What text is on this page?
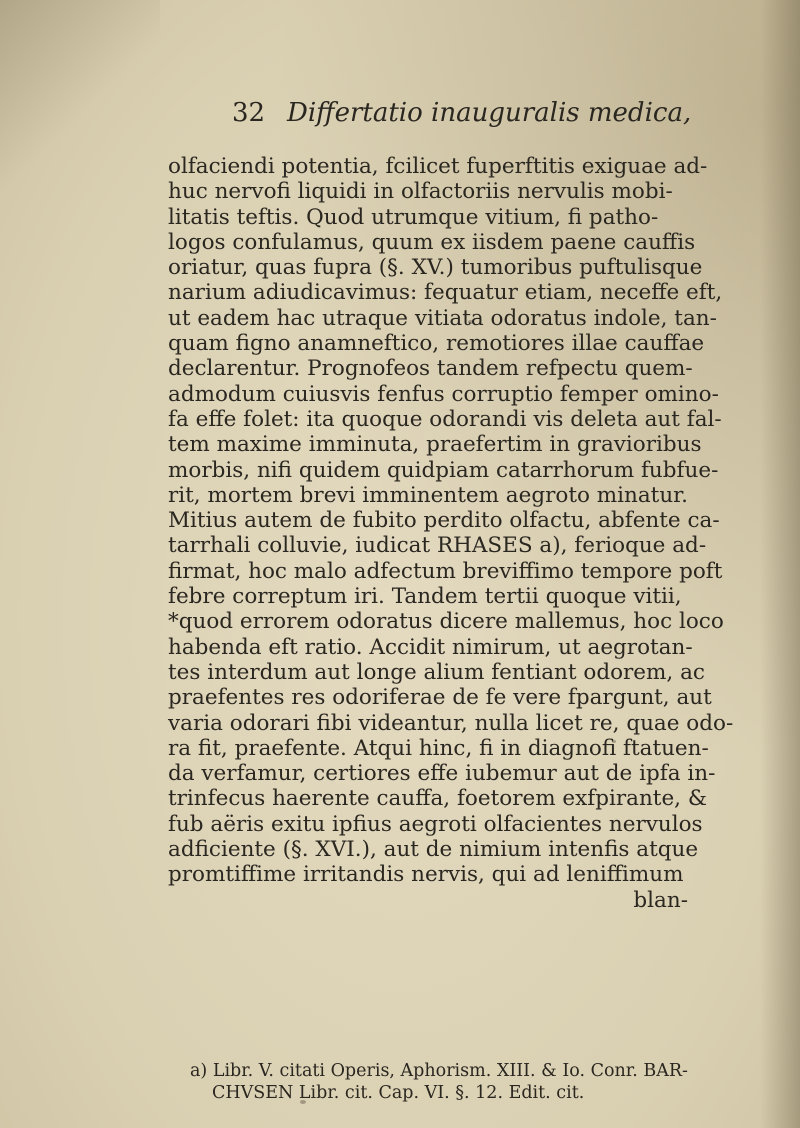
32 Differtatio inauguralis medica,
olfaciendi potentia, fcilicet fuperftitis exiguae ad-
huc nervofi liquidi in olfactoriis nervulis mobi-
litatis teftis. Quod utrumque vitium, fi patho-
logos confulamus, quum ex iisdem paene cauffis
oriatur, quas fupra (§. XV.) tumoribus puftulisque
narium adiudicavimus: fequatur etiam, neceffe eft,
ut eadem hac utraque vitiata odoratus indole, tan-
quam figno anamneftico, remotiores illae cauffae
declarentur. Prognofeos tandem refpectu quem-
admodum cuiusvis fenfus corruptio femper omino-
fa effe folet: ita quoque odorandi vis deleta aut fal-
tem maxime imminuta, praefertim in gravioribus
morbis, nifi quidem quidpiam catarrhorum fubfue-
rit, mortem brevi imminentem aegroto minatur.
Mitius autem de fubito perdito olfactu, abfente ca-
tarrhali colluvie, iudicat RHASES a), ferioque ad-
firmat, hoc malo adfectum breviffimo tempore poft
febre correptum iri. Tandem tertii quoque vitii,
*quod errorem odoratus dicere mallemus, hoc loco
habenda eft ratio. Accidit nimirum, ut aegrotan-
tes interdum aut longe alium fentiant odorem, ac
praefentes res odoriferae de fe vere fpargunt, aut
varia odorari fibi videantur, nulla licet re, quae odo-
ra fit, praefente. Atqui hinc, fi in diagnofi ftatuen-
da verfamur, certiores effe iubemur aut de ipfa in-
trinfecus haerente cauffa, foetorem exfpirante, &
fub aëris exitu ipfius aegroti olfacientes nervulos
adficiente (§. XVI.), aut de nimium intenfis atque
promtiffime irritandis nervis, qui ad leniffimum
blan-
a) Libr. V. citati Operis, Aphorism. XIII. & Io. Conr. BAR-
CHVSEN Libr. cit. Cap. VI. §. 12. Edit. cit.
